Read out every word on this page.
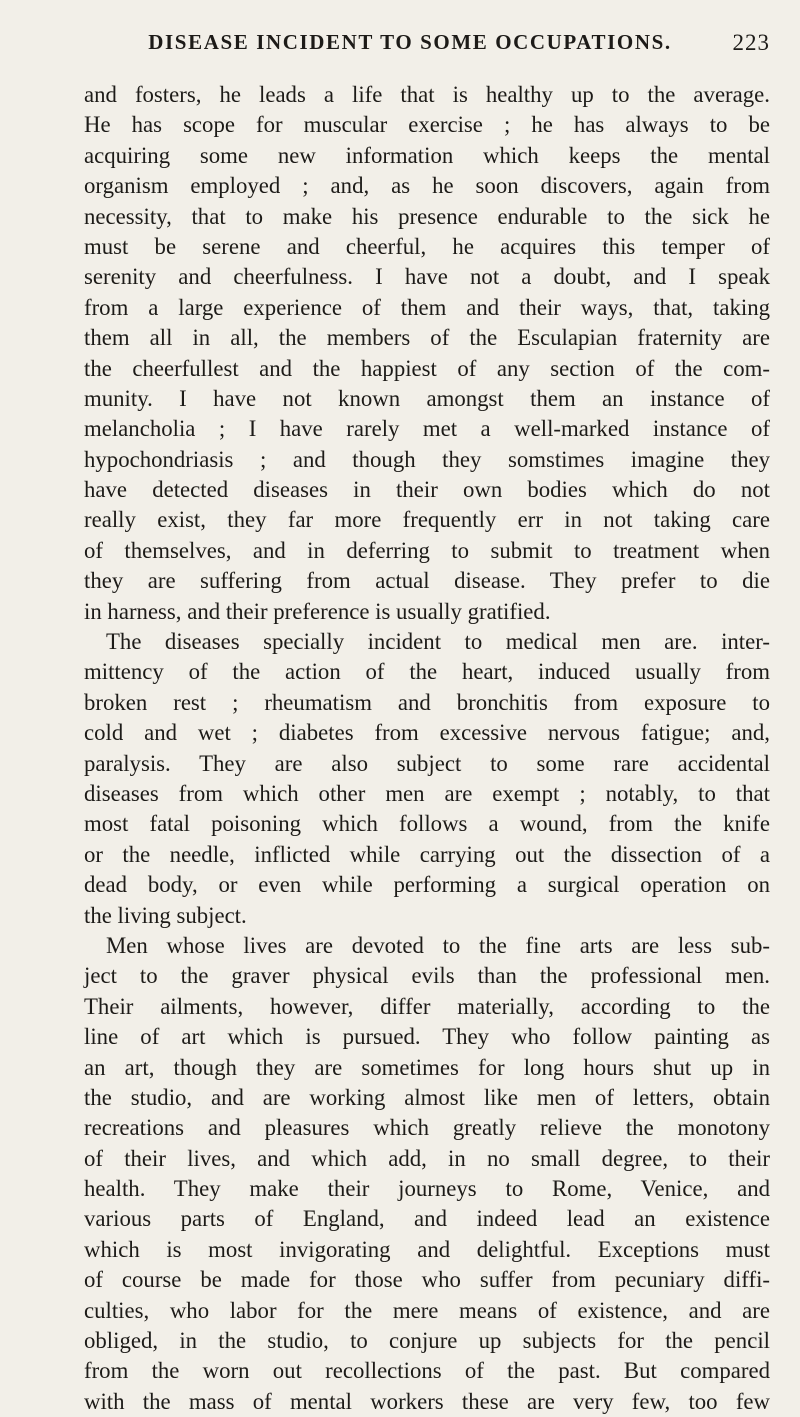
DISEASE INCIDENT TO SOME OCCUPATIONS.	223
and fosters, he leads a life that is healthy up to the average.
He has scope for muscular exercise ; he has always to be
acquiring some new information which keeps the mental
organism employed ; and, as he soon discovers, again from
necessity, that to make his presence endurable to the sick he
must be serene and cheerful, he acquires this temper of
serenity and cheerfulness. I have not a doubt, and I speak
from a large experience of them and their ways, that, taking
them all in all, the members of the Esculapian fraternity are
the cheerfullest and the happiest of any section of the com-
munity. I have not known amongst them an instance of
melancholia ; I have rarely met a well-marked instance of
hypochondriasis ; and though they somstimes imagine they
have detected diseases in their own bodies which do not
really exist, they far more frequently err in not taking care
of themselves, and in deferring to submit to treatment when
they are suffering from actual disease. They prefer to die
in harness, and their preference is usually gratified.
The diseases specially incident to medical men are. inter-
mittency of the action of the heart, induced usually from
broken rest ; rheumatism and bronchitis from exposure to
cold and wet ; diabetes from excessive nervous fatigue; and,
paralysis. They are also subject to some rare accidental
diseases from which other men are exempt ; notably, to that
most fatal poisoning which follows a wound, from the knife
or the needle, inflicted while carrying out the dissection of a
dead body, or even while performing a surgical operation on
the living subject.
Men whose lives are devoted to the fine arts are less sub-
ject to the graver physical evils than the professional men.
Their ailments, however, differ materially, according to the
line of art which is pursued. They who follow painting as
an art, though they are sometimes for long hours shut up in
the studio, and are working almost like men of letters, obtain
recreations and pleasures which greatly relieve the monotony
of their lives, and which add, in no small degree, to their
health. They make their journeys to Rome, Venice, and
various parts of England, and indeed lead an existence
which is most invigorating and delightful. Exceptions must
of course be made for those who suffer from pecuniary diffi-
culties, who labor for the mere means of existence, and are
obliged, in the studio, to conjure up subjects for the pencil
from the worn out recollections of the past. But compared
with the mass of mental workers these are very few, too few
